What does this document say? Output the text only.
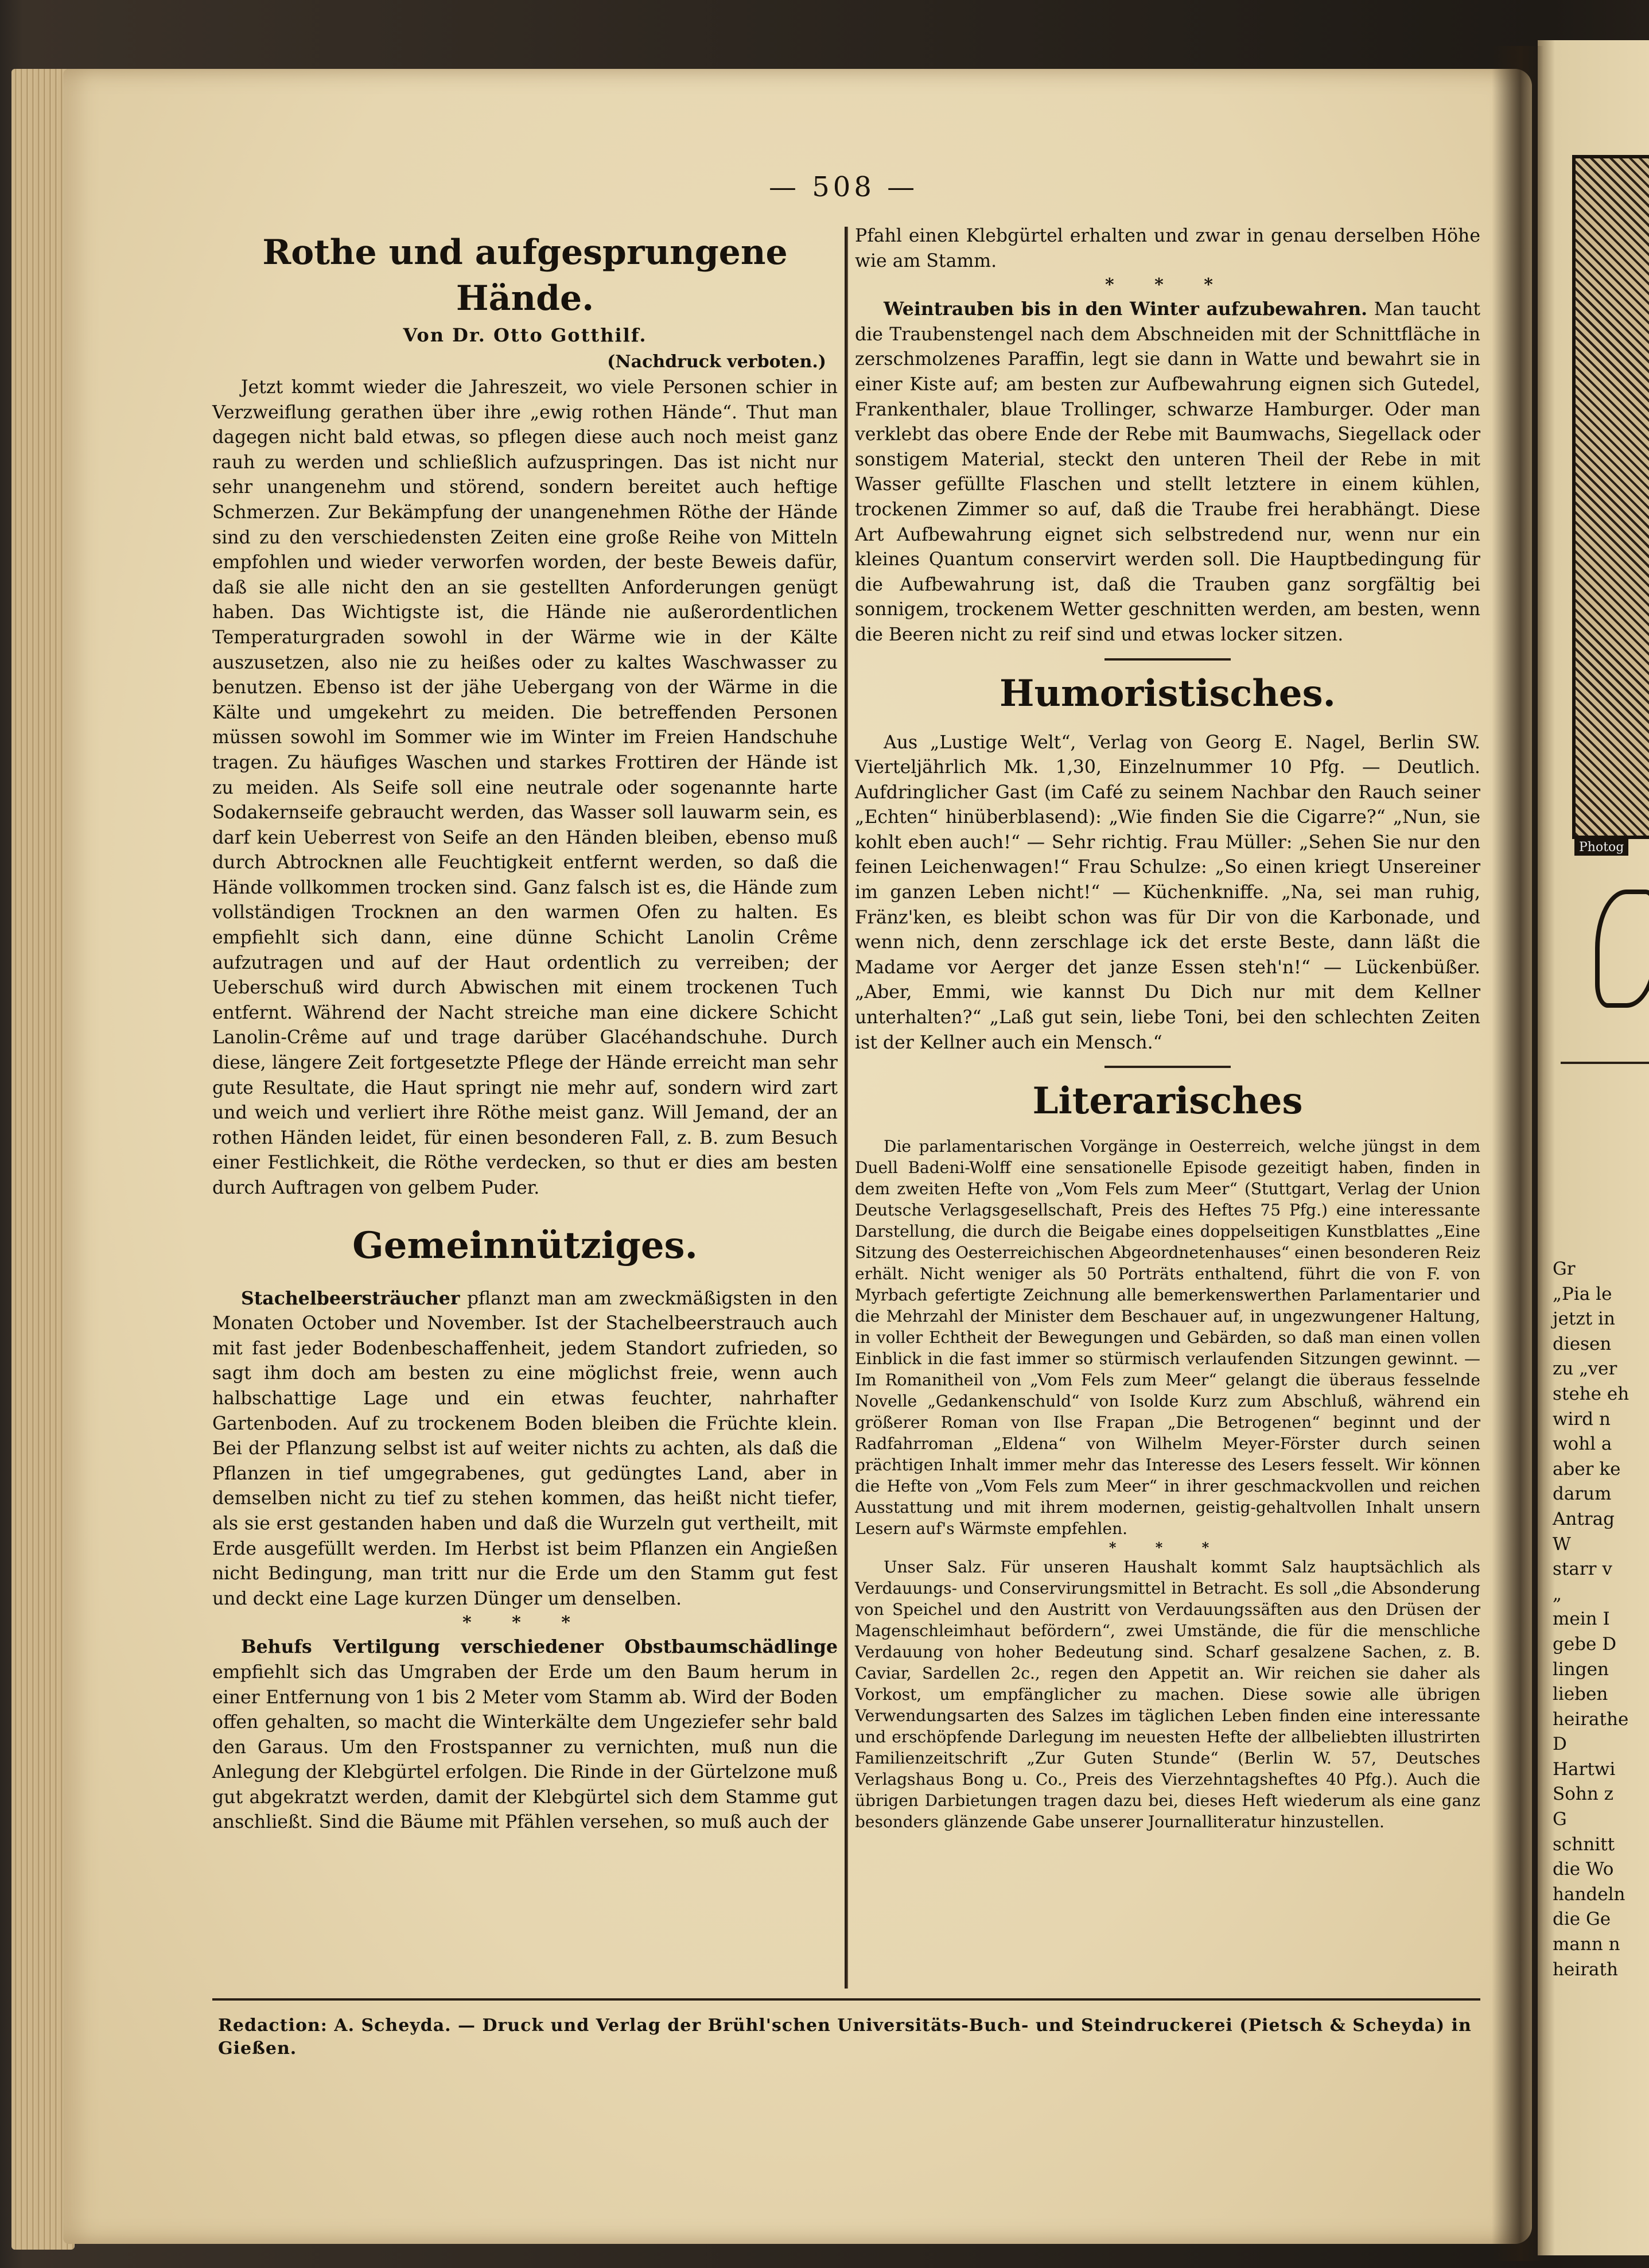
Photog
Gr
„Pia le
jetzt in
diesen
zu „ver
stehe eh
wird n
wohl a
aber ke
darum
Antrag
W
starr v
„
mein I
gebe D
lingen
lieben
heirathe
D
Hartwi
Sohn z
G
schnitt
die Wo
handeln
die Ge
mann n
heirath
— 508 —
Rothe und aufgesprungene Hände.
Von Dr. Otto Gotthilf.
(Nachdruck verboten.)

Jetzt kommt wieder die Jahreszeit, wo viele Personen schier in Verzweiflung gerathen über ihre „ewig rothen Hände“. Thut man dagegen nicht bald etwas, so pflegen diese auch noch meist ganz rauh zu werden und schließlich aufzuspringen. Das ist nicht nur sehr unangenehm und störend, sondern bereitet auch heftige Schmerzen. Zur Bekämpfung der unangenehmen Röthe der Hände sind zu den verschiedensten Zeiten eine große Reihe von Mitteln empfohlen und wieder verworfen worden, der beste Beweis dafür, daß sie alle nicht den an sie gestellten Anforderungen genügt haben. Das Wichtigste ist, die Hände nie außerordentlichen Temperaturgraden sowohl in der Wärme wie in der Kälte auszusetzen, also nie zu heißes oder zu kaltes Waschwasser zu benutzen. Ebenso ist der jähe Uebergang von der Wärme in die Kälte und umgekehrt zu meiden. Die betreffenden Personen müssen sowohl im Sommer wie im Winter im Freien Handschuhe tragen. Zu häufiges Waschen und starkes Frottiren der Hände ist zu meiden. Als Seife soll eine neutrale oder sogenannte harte Sodakernseife gebraucht werden, das Wasser soll lauwarm sein, es darf kein Ueberrest von Seife an den Händen bleiben, ebenso muß durch Abtrocknen alle Feuchtigkeit entfernt werden, so daß die Hände vollkommen trocken sind. Ganz falsch ist es, die Hände zum vollständigen Trocknen an den warmen Ofen zu halten. Es empfiehlt sich dann, eine dünne Schicht Lanolin Crême aufzutragen und auf der Haut ordentlich zu verreiben; der Ueberschuß wird durch Abwischen mit einem trockenen Tuch entfernt. Während der Nacht streiche man eine dickere Schicht Lanolin-Crême auf und trage darüber Glacéhandschuhe. Durch diese, längere Zeit fortgesetzte Pflege der Hände erreicht man sehr gute Resultate, die Haut springt nie mehr auf, sondern wird zart und weich und verliert ihre Röthe meist ganz. Will Jemand, der an rothen Händen leidet, für einen besonderen Fall, z. B. zum Besuch einer Festlichkeit, die Röthe verdecken, so thut er dies am besten durch Auftragen von gelbem Puder.

Gemeinnütziges.

Stachelbeersträucher pflanzt man am zweckmäßigsten in den Monaten October und November. Ist der Stachelbeerstrauch auch mit fast jeder Bodenbeschaffenheit, jedem Standort zufrieden, so sagt ihm doch am besten zu eine möglichst freie, wenn auch halbschattige Lage und ein etwas feuchter, nahrhafter Gartenboden. Auf zu trockenem Boden bleiben die Früchte klein. Bei der Pflanzung selbst ist auf weiter nichts zu achten, als daß die Pflanzen in tief umgegrabenes, gut gedüngtes Land, aber in demselben nicht zu tief zu stehen kommen, das heißt nicht tiefer, als sie erst gestanden haben und daß die Wurzeln gut vertheilt, mit Erde ausgefüllt werden. Im Herbst ist beim Pflanzen ein Angießen nicht Bedingung, man tritt nur die Erde um den Stamm gut fest und deckt eine Lage kurzen Dünger um denselben.

* * *

Behufs Vertilgung verschiedener Obstbaumschädlinge empfiehlt sich das Umgraben der Erde um den Baum herum in einer Entfernung von 1 bis 2 Meter vom Stamm ab. Wird der Boden offen gehalten, so macht die Winterkälte dem Ungeziefer sehr bald den Garaus. Um den Frostspanner zu vernichten, muß nun die Anlegung der Klebgürtel erfolgen. Die Rinde in der Gürtelzone muß gut abgekratzt werden, damit der Klebgürtel sich dem Stamme gut anschließt. Sind die Bäume mit Pfählen versehen, so muß auch der

Pfahl einen Klebgürtel erhalten und zwar in genau derselben Höhe wie am Stamm.

* * *

Weintrauben bis in den Winter aufzubewahren. Man taucht die Traubenstengel nach dem Abschneiden mit der Schnittfläche in zerschmolzenes Paraffin, legt sie dann in Watte und bewahrt sie in einer Kiste auf; am besten zur Aufbewahrung eignen sich Gutedel, Frankenthaler, blaue Trollinger, schwarze Hamburger. Oder man verklebt das obere Ende der Rebe mit Baumwachs, Siegellack oder sonstigem Material, steckt den unteren Theil der Rebe in mit Wasser gefüllte Flaschen und stellt letztere in einem kühlen, trockenen Zimmer so auf, daß die Traube frei herabhängt. Diese Art Aufbewahrung eignet sich selbstredend nur, wenn nur ein kleines Quantum conservirt werden soll. Die Hauptbedingung für die Aufbewahrung ist, daß die Trauben ganz sorgfältig bei sonnigem, trockenem Wetter geschnitten werden, am besten, wenn die Beeren nicht zu reif sind und etwas locker sitzen.

Humoristisches.

Aus „Lustige Welt“, Verlag von Georg E. Nagel, Berlin SW. Vierteljährlich Mk. 1,30, Einzelnummer 10 Pfg. — Deutlich. Aufdringlicher Gast (im Café zu seinem Nachbar den Rauch seiner „Echten“ hinüberblasend): „Wie finden Sie die Cigarre?“ „Nun, sie kohlt eben auch!“ — Sehr richtig. Frau Müller: „Sehen Sie nur den feinen Leichenwagen!“ Frau Schulze: „So einen kriegt Unsereiner im ganzen Leben nicht!“ — Küchenkniffe. „Na, sei man ruhig, Fränz'ken, es bleibt schon was für Dir von die Karbonade, und wenn nich, denn zerschlage ick det erste Beste, dann läßt die Madame vor Aerger det janze Essen steh'n!“ — Lückenbüßer. „Aber, Emmi, wie kannst Du Dich nur mit dem Kellner unterhalten?“ „Laß gut sein, liebe Toni, bei den schlechten Zeiten ist der Kellner auch ein Mensch.“

Literarisches

Die parlamentarischen Vorgänge in Oesterreich, welche jüngst in dem Duell Badeni-Wolff eine sensationelle Episode gezeitigt haben, finden in dem zweiten Hefte von „Vom Fels zum Meer“ (Stuttgart, Verlag der Union Deutsche Verlagsgesellschaft, Preis des Heftes 75 Pfg.) eine interessante Darstellung, die durch die Beigabe eines doppelseitigen Kunstblattes „Eine Sitzung des Oesterreichischen Abgeordnetenhauses“ einen besonderen Reiz erhält. Nicht weniger als 50 Porträts enthaltend, führt die von F. von Myrbach gefertigte Zeichnung alle bemerkenswerthen Parlamentarier und die Mehrzahl der Minister dem Beschauer auf, in ungezwungener Haltung, in voller Echtheit der Bewegungen und Gebärden, so daß man einen vollen Einblick in die fast immer so stürmisch verlaufenden Sitzungen gewinnt. — Im Romanitheil von „Vom Fels zum Meer“ gelangt die überaus fesselnde Novelle „Gedankenschuld“ von Isolde Kurz zum Abschluß, während ein größerer Roman von Ilse Frapan „Die Betrogenen“ beginnt und der Radfahrroman „Eldena“ von Wilhelm Meyer-Förster durch seinen prächtigen Inhalt immer mehr das Interesse des Lesers fesselt. Wir können die Hefte von „Vom Fels zum Meer“ in ihrer geschmackvollen und reichen Ausstattung und mit ihrem modernen, geistig-gehaltvollen Inhalt unsern Lesern auf's Wärmste empfehlen.

* * *

Unser Salz. Für unseren Haushalt kommt Salz hauptsächlich als Verdauungs- und Conservirungsmittel in Betracht. Es soll „die Absonderung von Speichel und den Austritt von Verdauungssäften aus den Drüsen der Magenschleimhaut befördern“, zwei Umstände, die für die menschliche Verdauung von hoher Bedeutung sind. Scharf gesalzene Sachen, z. B. Caviar, Sardellen 2c., regen den Appetit an. Wir reichen sie daher als Vorkost, um empfänglicher zu machen. Diese sowie alle übrigen Verwendungsarten des Salzes im täglichen Leben finden eine interessante und erschöpfende Darlegung im neuesten Hefte der allbeliebten illustrirten Familienzeitschrift „Zur Guten Stunde“ (Berlin W. 57, Deutsches Verlagshaus Bong u. Co., Preis des Vierzehntagsheftes 40 Pfg.). Auch die übrigen Darbietungen tragen dazu bei, dieses Heft wiederum als eine ganz besonders glänzende Gabe unserer Journalliteratur hinzustellen.

Redaction: A. Scheyda. — Druck und Verlag der Brühl'schen Universitäts-Buch- und Steindruckerei (Pietsch & Scheyda) in Gießen.
